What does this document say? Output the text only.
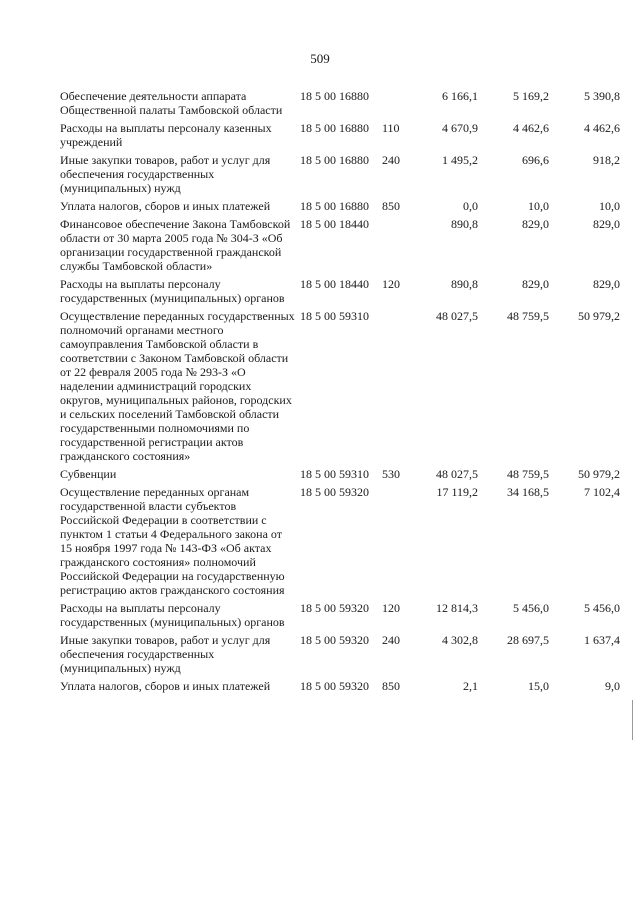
509
Обеспечение деятельности аппарата Общественной палаты Тамбовской области	18 5 00 16880	6 166,1	5 169,2	5 390,8
Расходы на выплаты персоналу казенных учреждений	18 5 00 16880 110	4 670,9	4 462,6	4 462,6
Иные закупки товаров, работ и услуг для обеспечения государственных (муниципальных) нужд	18 5 00 16880 240	1 495,2	696,6	918,2
Уплата налогов, сборов и иных платежей	18 5 00 16880 850	0,0	10,0	10,0
Финансовое обеспечение Закона Тамбовской области от 30 марта 2005 года № 304-З «Об организации государственной гражданской службы Тамбовской области»	18 5 00 18440	890,8	829,0	829,0
Расходы на выплаты персоналу государственных (муниципальных) органов	18 5 00 18440 120	890,8	829,0	829,0
Осуществление переданных государственных полномочий органами местного самоуправления Тамбовской области в соответствии с Законом Тамбовской области от 22 февраля 2005 года № 293-З «О наделении администраций городских округов, муниципальных районов, городских и сельских поселений Тамбовской области государственными полномочиями по государственной регистрации актов гражданского состояния»	18 5 00 59310	48 027,5	48 759,5	50 979,2
Субвенции	18 5 00 59310 530	48 027,5	48 759,5	50 979,2
Осуществление переданных органам государственной власти субъектов Российской Федерации в соответствии с пунктом 1 статьи 4 Федерального закона от 15 ноября 1997 года № 143-ФЗ «Об актах гражданского состояния» полномочий Российской Федерации на государственную регистрацию актов гражданского состояния	18 5 00 59320	17 119,2	34 168,5	7 102,4
Расходы на выплаты персоналу государственных (муниципальных) органов	18 5 00 59320 120	12 814,3	5 456,0	5 456,0
Иные закупки товаров, работ и услуг для обеспечения государственных (муниципальных) нужд	18 5 00 59320 240	4 302,8	28 697,5	1 637,4
Уплата налогов, сборов и иных платежей	18 5 00 59320 850	2,1	15,0	9,0
